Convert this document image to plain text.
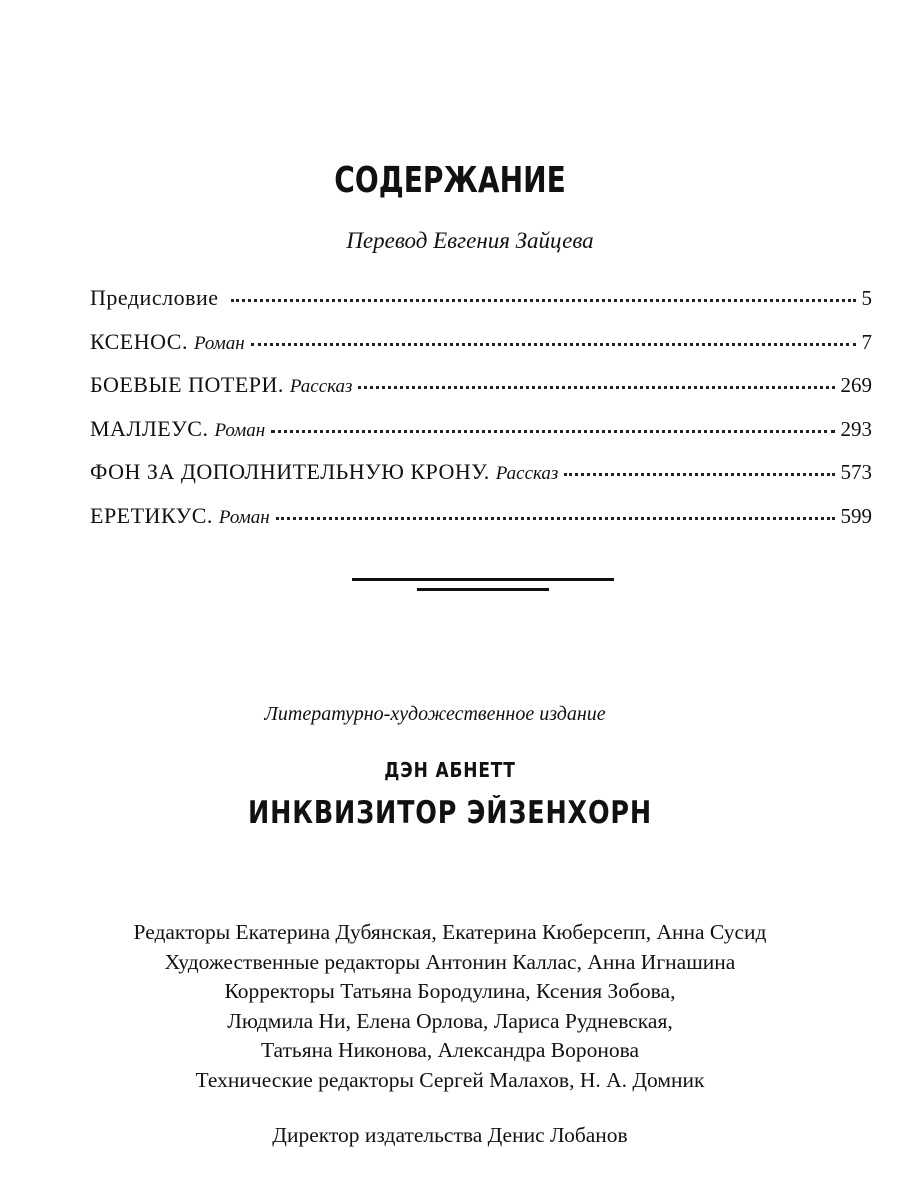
СОДЕРЖАНИЕ
Перевод Евгения Зайцева
Предисловие	5
КСЕНОС. Роман	7
БОЕВЫЕ ПОТЕРИ. Рассказ	269
МАЛЛЕУС. Роман	293
ФОН ЗА ДОПОЛНИТЕЛЬНУЮ КРОНУ. Рассказ	573
ЕРЕТИКУС. Роман	599
Литературно-художественное издание
ДЭН АБНЕТТ
ИНКВИЗИТОР ЭЙЗЕНХОРН
Редакторы Екатерина Дубянская, Екатерина Кюберсепп, Анна Сусид
Художественные редакторы Антонин Каллас, Анна Игнашина
Корректоры Татьяна Бородулина, Ксения Зобова,
Людмила Ни, Елена Орлова, Лариса Рудневская,
Татьяна Никонова, Александра Воронова
Технические редакторы Сергей Малахов, Н. А. Домник
Директор издательства Денис Лобанов
